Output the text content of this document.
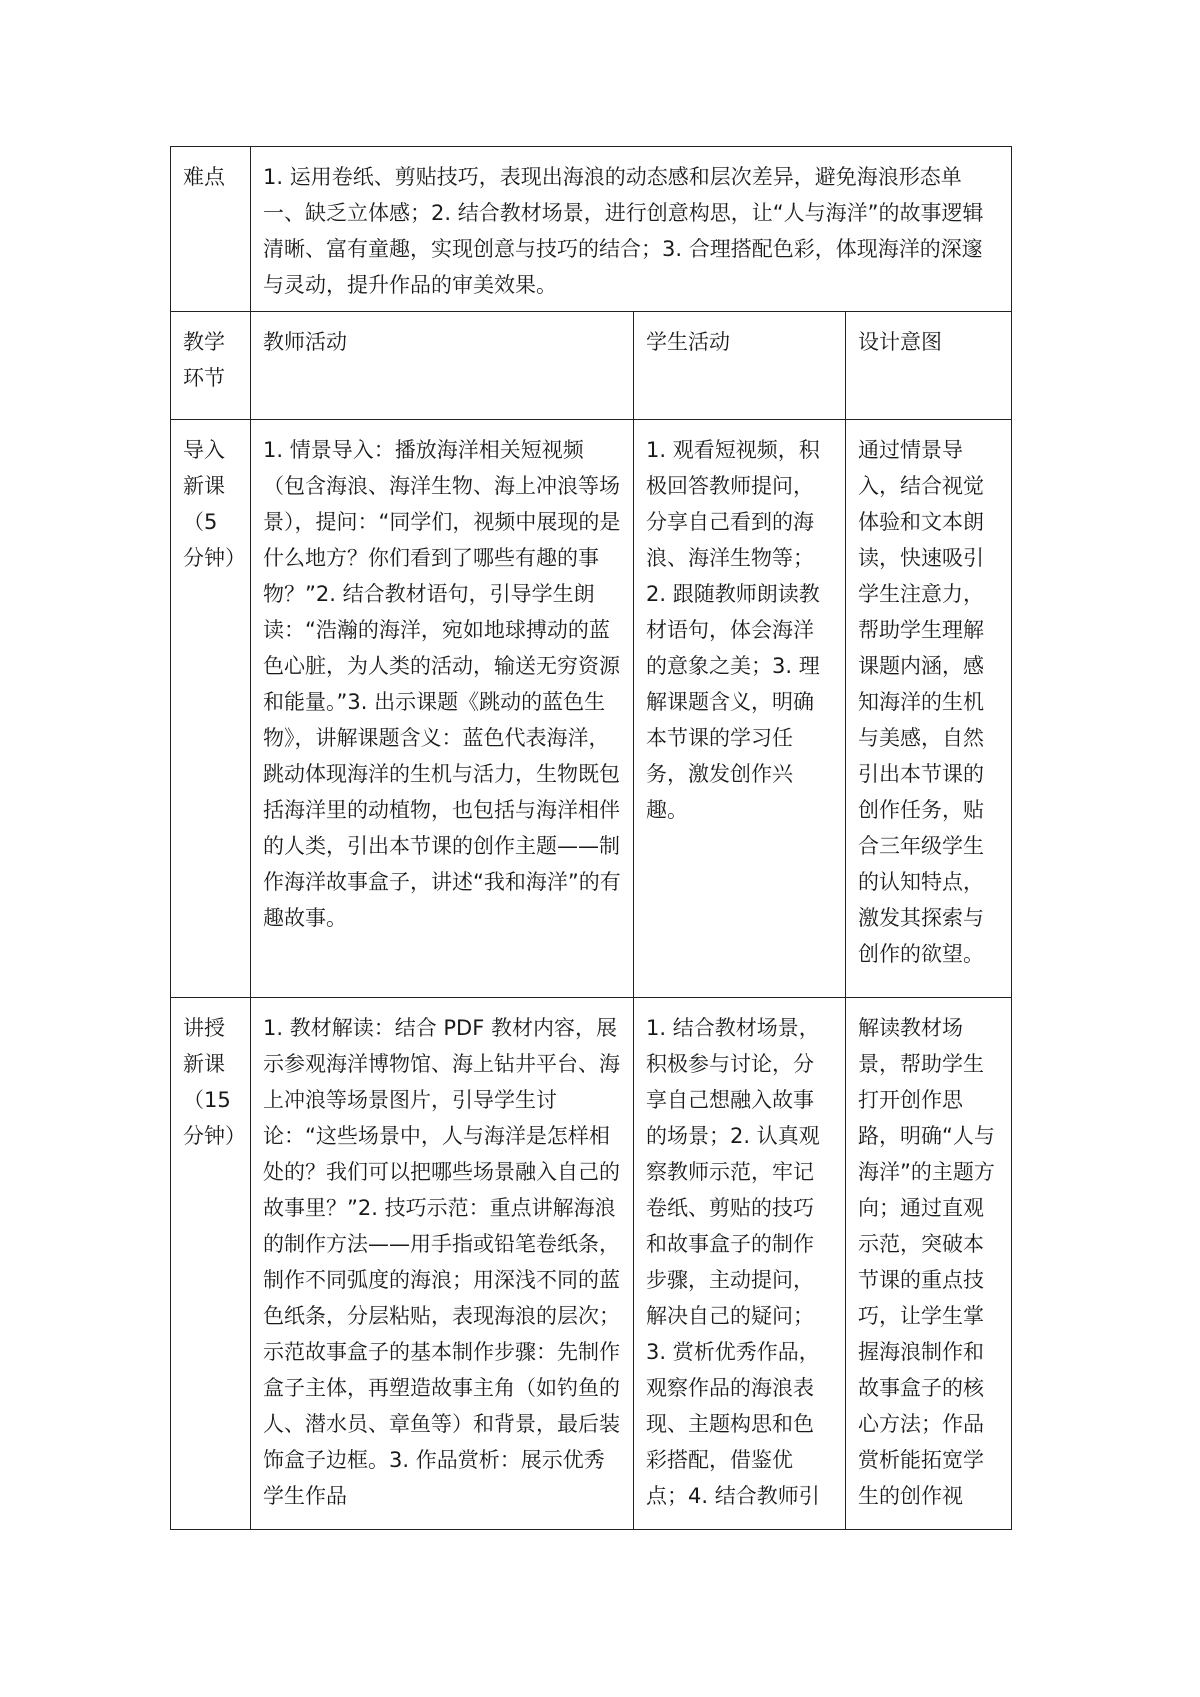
难点	1. 运用卷纸、剪贴技巧，表现出海浪的动态感和层次差异，避免海浪形态单一、缺乏立体感；2. 结合教材场景，进行创意构思，让“人与海洋”的故事逻辑清晰、富有童趣，实现创意与技巧的结合；3. 合理搭配色彩，体现海洋的深邃与灵动，提升作品的审美效果。		
教学环节	教师活动	学生活动	设计意图
导入新课（5分钟）	1. 情景导入：播放海洋相关短视频（包含海浪、海洋生物、海上冲浪等场景），提问：“同学们，视频中展现的是什么地方？你们看到了哪些有趣的事物？”2. 结合教材语句，引导学生朗读：“浩瀚的海洋，宛如地球搏动的蓝色心脏，为人类的活动，输送无穷资源和能量。”3. 出示课题《跳动的蓝色生物》，讲解课题含义：蓝色代表海洋，跳动体现海洋的生机与活力，生物既包括海洋里的动植物，也包括与海洋相伴的人类，引出本节课的创作主题——制作海洋故事盒子，讲述“我和海洋”的有趣故事。	1. 观看短视频，积极回答教师提问，分享自己看到的海浪、海洋生物等；2. 跟随教师朗读教材语句，体会海洋的意象之美；3. 理解课题含义，明确本节课的学习任务，激发创作兴趣。	通过情景导入，结合视觉体验和文本朗读，快速吸引学生注意力，帮助学生理解课题内涵，感知海洋的生机与美感，自然引出本节课的创作任务，贴合三年级学生的认知特点，激发其探索与创作的欲望。
讲授新课（15分钟）	1. 教材解读：结合 PDF 教材内容，展示参观海洋博物馆、海上钻井平台、海上冲浪等场景图片，引导学生讨论：“这些场景中，人与海洋是怎样相处的？我们可以把哪些场景融入自己的故事里？”2. 技巧示范：重点讲解海浪的制作方法——用手指或铅笔卷纸条，制作不同弧度的海浪；用深浅不同的蓝色纸条，分层粘贴，表现海浪的层次；示范故事盒子的基本制作步骤：先制作盒子主体，再塑造故事主角（如钓鱼的人、潜水员、章鱼等）和背景，最后装饰盒子边框。3. 作品赏析：展示优秀学生作品	1. 结合教材场景，积极参与讨论，分享自己想融入故事的场景；2. 认真观察教师示范，牢记卷纸、剪贴的技巧和故事盒子的制作步骤，主动提问，解决自己的疑问；3. 赏析优秀作品，观察作品的海浪表现、主题构思和色彩搭配，借鉴优点；4. 结合教师引	解读教材场景，帮助学生打开创作思路，明确“人与海洋”的主题方向；通过直观示范，突破本节课的重点技巧，让学生掌握海浪制作和故事盒子的核心方法；作品赏析能拓宽学生的创作视
